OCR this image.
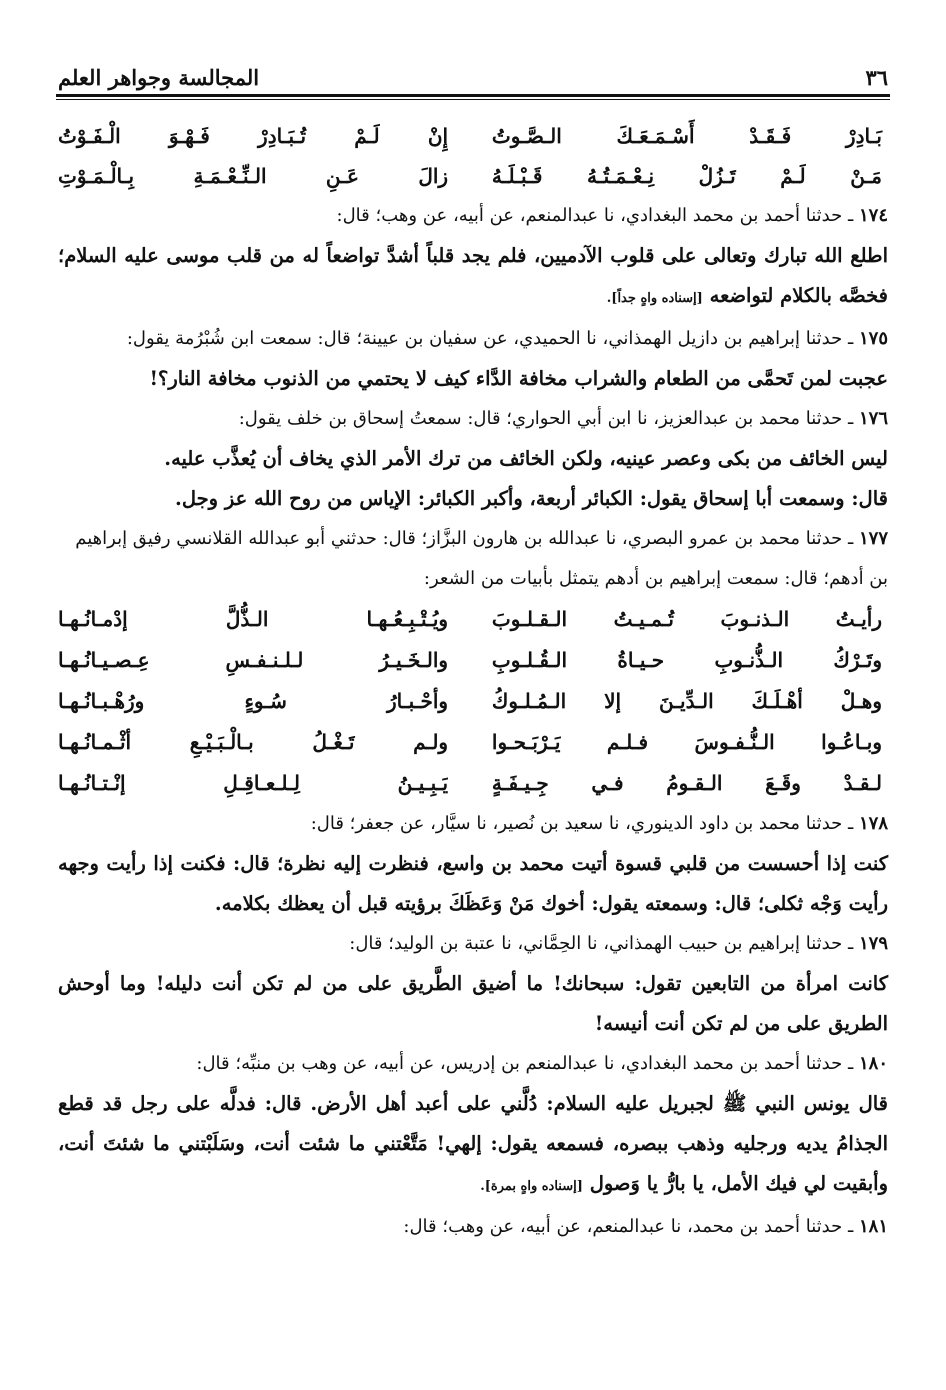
٣٦
المجالسة وجواهر العلم
بَـادِرْ فَـقَـدْ أَسْـمَـعَـكَ الـصَّـوتُ
إِنْ لَـمْ تُـبَـادِرْ فَـهْـوَ الْـفَـوْتُ
مَـنْ لَـمْ تَـزُلْ نِـعْـمَـتُـهُ قَـبْـلَـهُ
زالَ عَـنِ الـنِّـعْـمَـةِ بِـالْـمَـوْتِ

١٧٤ ـ حدثنا أحمد بن محمد البغدادي، نا عبدالمنعم، عن أبيه، عن وهب؛ قال:

اطلع الله تبارك وتعالى على قلوب الآدميين، فلم يجد قلباً أشدَّ تواضعاً له من قلب موسى عليه السلام؛ فخصَّه بالكلام لتواضعه [إسناده واهٍ جداً].

١٧٥ ـ حدثنا إبراهيم بن دازيل الهمذاني، نا الحميدي، عن سفيان بن عيينة؛ قال: سمعت ابن شُبْرُمة يقول:

عجبت لمن تَحمَّى من الطعام والشراب مخافة الدَّاء كيف لا يحتمي من الذنوب مخافة النار؟!

١٧٦ ـ حدثنا محمد بن عبدالعزيز، نا ابن أبي الحواري؛ قال: سمعتُ إسحاق بن خلف يقول:

ليس الخائف من بكى وعصر عينيه، ولكن الخائف من ترك الأمر الذي يخاف أن يُعذَّب عليه.

قال: وسمعت أبا إسحاق يقول: الكبائر أربعة، وأكبر الكبائر: الإياس من روح الله عز وجل.

١٧٧ ـ حدثنا محمد بن عمرو البصري، نا عبدالله بن هارون البزَّاز؛ قال: حدثني أبو عبدالله القلانسي رفيق إبراهيم بن أدهم؛ قال: سمعت إبراهيم بن أدهم يتمثل بأبيات من الشعر:

رأيـتُ الـذنـوبَ تُـمـيـتُ الـقـلـوبَ
ويُـتْـبِـعُـهـا الـذُّلَّ إدْمـانُـهـا
وتَـرْكُ الـذُّنـوبِ حـيـاةُ الـقُـلـوبِ
والـخَـيـرُ لـلـنـفـسِ عِـصـيـانُـهـا
وهـلْ أهْـلَـكَ الـدِّيـنَ إلا الـمُـلـوكُ
وأحْـبـارُ سُـوءٍ ورُهْـبـانُـهـا
وبـاعُـوا الـنُّـفـوسَ فـلـم يَـرْبَـحـوا
ولـم تَـغْـلُ بـالْـبَـيْـعِ أثْـمـانُـهـا
لـقـدْ وقَـعَ الـقـومُ فـي جِـيـفَـةٍ
يَـبِـيـنُ لِـلـعـاقِـلِ إنْـتـانُـهـا

١٧٨ ـ حدثنا محمد بن داود الدينوري، نا سعيد بن نُصير، نا سيَّار، عن جعفر؛ قال:

كنت إذا أحسست من قلبي قسوة أتيت محمد بن واسع، فنظرت إليه نظرة؛ قال: فكنت إذا رأيت وجهه رأيت وَجْه ثكلى؛ قال: وسمعته يقول: أخوك مَنْ وَعَظَكَ برؤيته قبل أن يعظك بكلامه.

١٧٩ ـ حدثنا إبراهيم بن حبيب الهمذاني، نا الحِمَّاني، نا عتبة بن الوليد؛ قال:

كانت امرأة من التابعين تقول: سبحانك! ما أضيق الطَّريق على من لم تكن أنت دليله! وما أوحش الطريق على من لم تكن أنت أنيسه!

١٨٠ ـ حدثنا أحمد بن محمد البغدادي، نا عبدالمنعم بن إدريس، عن أبيه، عن وهب بن منبِّه؛ قال:

قال يونس النبي ﷺ لجبريل عليه السلام: دُلَّني على أعبد أهل الأرض. قال: فدلَّه على رجل قد قطع الجذامُ يديه ورجليه وذهب ببصره، فسمعه يقول: إلهي! مَتَّعْتني ما شئت أنت، وسَلَبْتني ما شئتَ أنت، وأبقيت لي فيك الأمل، يا بارُّ يا وَصول [إسناده واهٍ بمرة].

١٨١ ـ حدثنا أحمد بن محمد، نا عبدالمنعم، عن أبيه، عن وهب؛ قال:
